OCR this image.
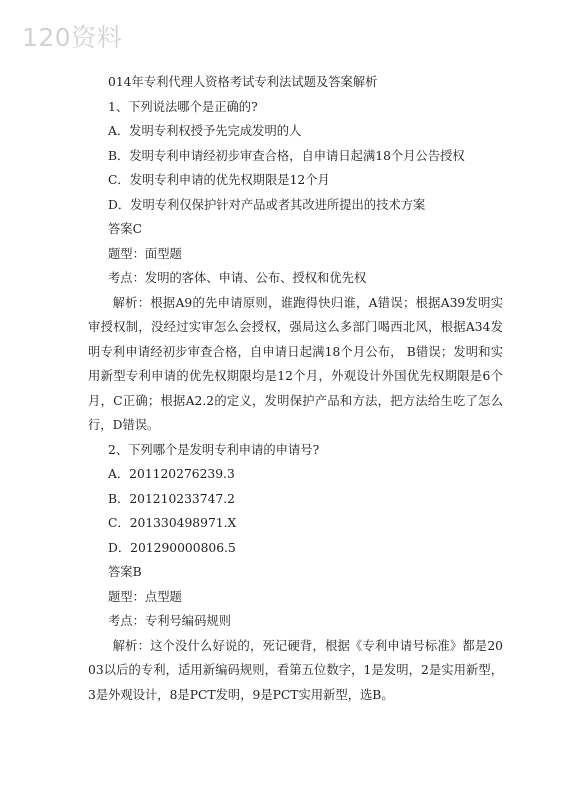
120资料

014年专利代理人资格考试专利法试题及答案解析

1、下列说法哪个是正确的?

A．发明专利权授予先完成发明的人

B．发明专利申请经初步审查合格，自申请日起满18个月公告授权

C．发明专利申请的优先权期限是12个月

D．发明专利仅保护针对产品或者其改进所提出的技术方案

答案C

题型：面型题

考点：发明的客体、申请、公布、授权和优先权

解析：根据A9的先申请原则，谁跑得快归谁，A错误；根据A39发明实审授权制，没经过实审怎么会授权，强局这么多部门喝西北风，根据A34发明专利申请经初步审查合格，自申请日起满18个月公布， B错误；发明和实用新型专利申请的优先权期限均是12个月，外观设计外国优先权期限是6个月，C正确；根据A2.2的定义，发明保护产品和方法，把方法给生吃了怎么行，D错误。

2、下列哪个是发明专利申请的申请号?

A．201120276239.3

B．201210233747.2

C．201330498971.X

D．201290000806.5

答案B

题型：点型题

考点：专利号编码规则

解析：这个没什么好说的，死记硬背，根据《专利申请号标准》都是2003以后的专利，适用新编码规则，看第五位数字，1是发明，2是实用新型，3是外观设计，8是PCT发明，9是PCT实用新型，选B。
